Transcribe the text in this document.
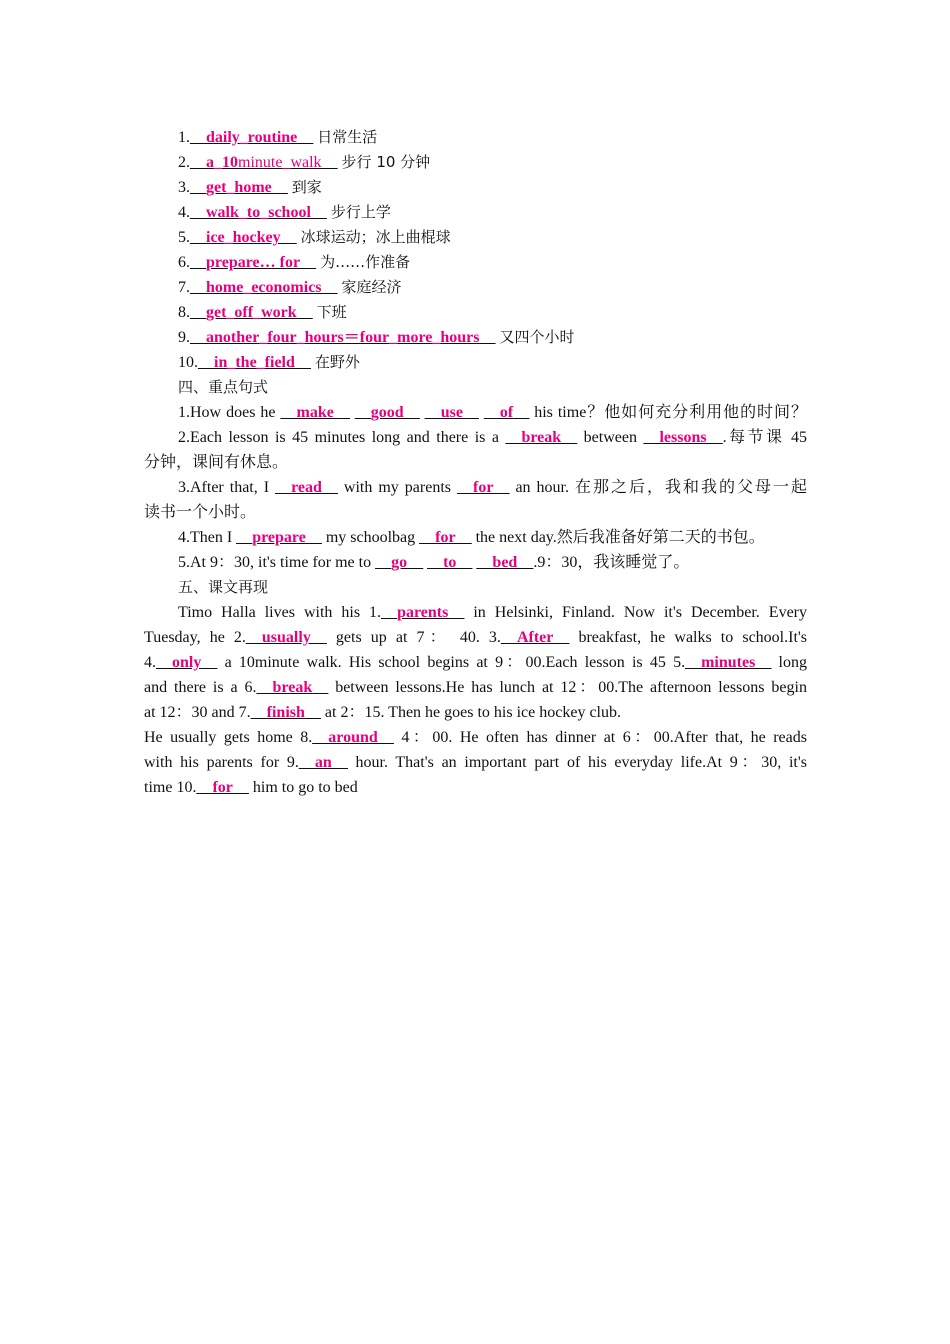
1.__daily_routine__ 日常生活
2.__a_10minute_walk__ 步行 10 分钟
3.__get_home__ 到家
4.__walk_to_school__ 步行上学
5.__ice_hockey__ 冰球运动；冰上曲棍球
6.__prepare… for__ 为……作准备
7.__home_economics__ 家庭经济
8.__get_off_work__ 下班
9.__another_four_hours＝four_more_hours__ 又四个小时
10.__in_the_field__ 在野外
四、重点句式
1.How does he __make__ __good__ __use__ __of__ his time？他如何充分利用他的时间？
2.Each lesson is 45 minutes long and there is a __break__ between __lessons__.每节课 45
分钟，课间有休息。
3.After that, I __read__ with my parents __for__ an hour. 在那之后，我和我的父母一起
读书一个小时。
4.Then I __prepare__ my schoolbag __for__ the next day.然后我准备好第二天的书包。
5.At 9：30, it's time for me to __go__ __to__ __bed__.9：30，我该睡觉了。
五、课文再现
Timo Halla lives with his 1.__parents__ in Helsinki, Finland. Now it's December. Every
Tuesday, he 2.__usually__ gets up at 7： 40. 3.__After__ breakfast, he walks to school.It's
4.__only__ a 10minute walk. His school begins at 9：00.Each lesson is 45 5.__minutes__ long
and there is a 6.__break__ between lessons.He has lunch at 12：00.The afternoon lessons begin
at 12：30 and 7.__finish__ at 2：15. Then he goes to his ice hockey club.
He usually gets home 8.__around__ 4：00. He often has dinner at 6：00.After that, he reads
with his parents for 9.__an__ hour. That's an important part of his everyday life.At 9：30, it's
time 10.__for__ him to go to bed
